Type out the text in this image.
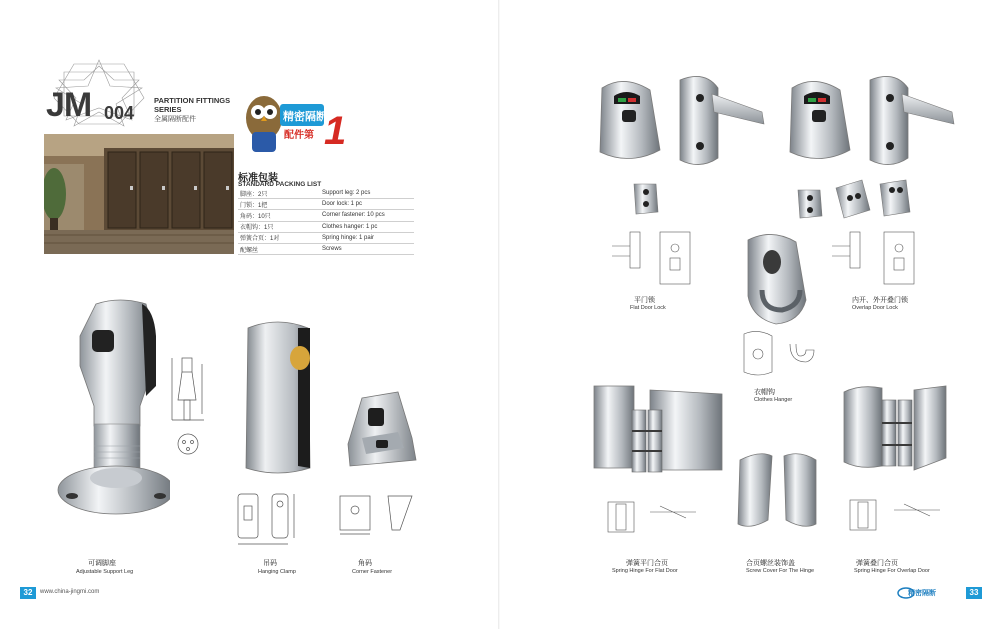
JM 004
PARTITION FITTINGS
SERIES
全属隔断配件	精密隔断
配件第 1
标准包装
STANDARD PACKING LIST
脚座：2只	Support leg: 2 pcs
门锁：1把	Door lock: 1 pc
角码：10只	Corner fastener: 10 pcs
衣帽钩：1只	Clothes hanger: 1 pc
弹簧合页：1对	Spring hinge: 1 pair
配螺丝	Screws
可调脚座
Adjustable Support Leg
吊码
Hanging Clamp
角码
Corner Fastener
32	www.china-jingmi.com
平门锁
Flat Door Lock
内开、外开叠门锁
Overlap Door Lock
衣帽钩
Clothes Hanger
弹簧平门合页
Spring Hinge For Flat Door
合页螺丝装饰盖
Screw Cover For The Hinge
弹簧叠门合页
Spring Hinge For Overlap Door
精密隔断	33
